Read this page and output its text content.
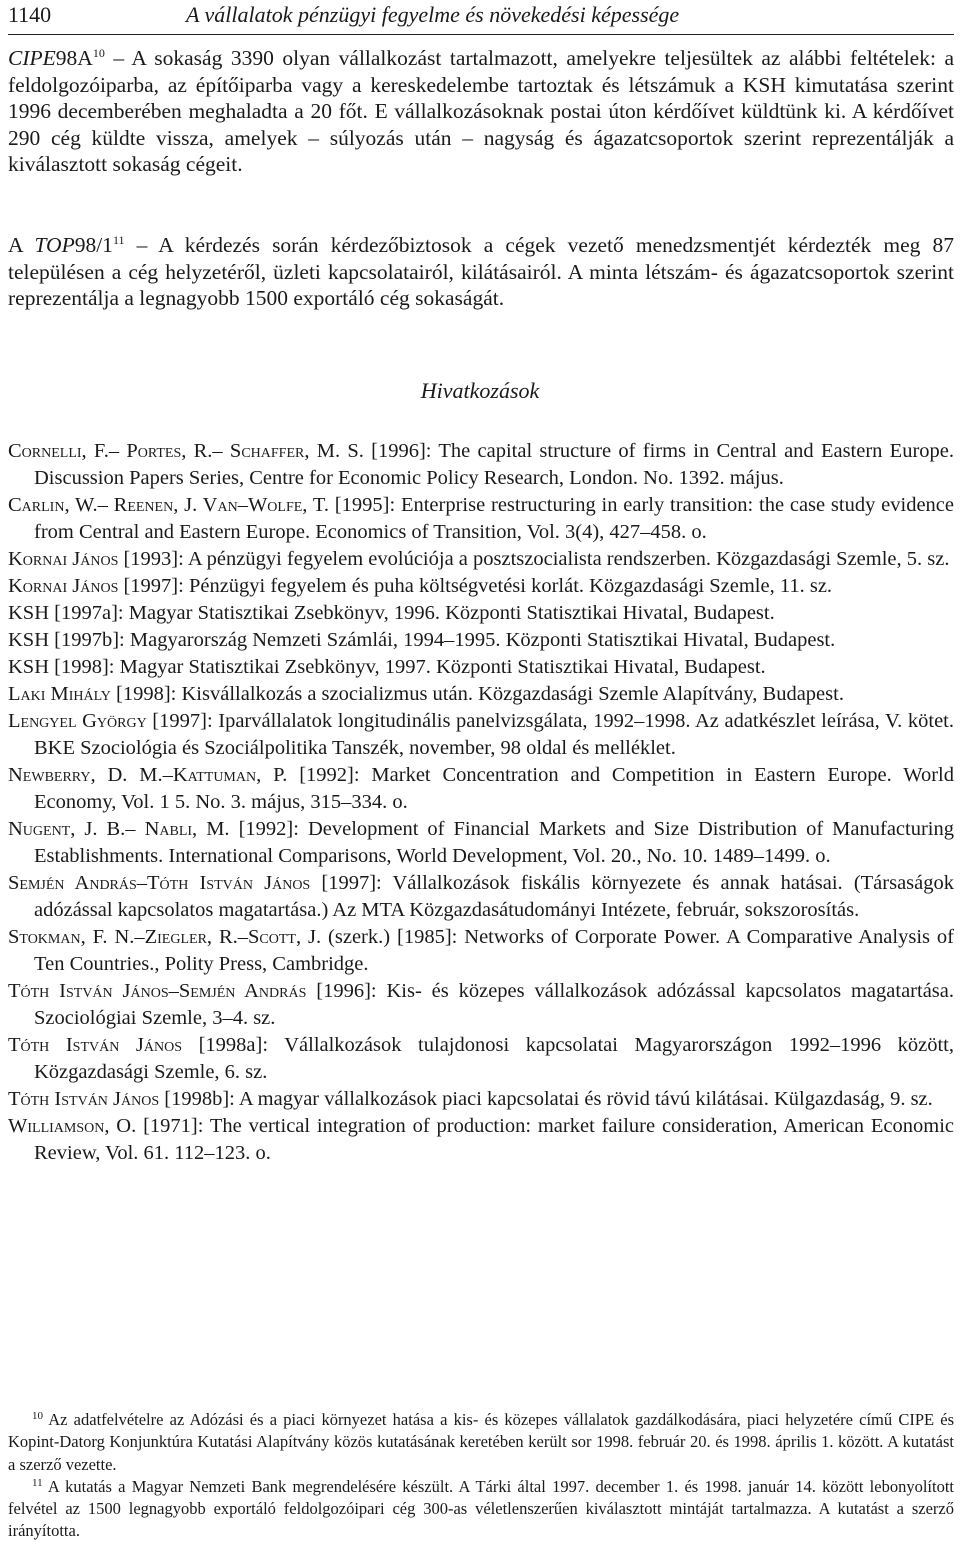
1140	A vállalatok pénzügyi fegyelme és növekedési képessége
$CIPE98A^{10}$ – A sokaság 3390 olyan vállalkozást tartalmazott, amelyekre teljesültek az alábbi feltételek: a feldolgozóiparba, az építőiparba vagy a kereskedelembe tartoztak és létszámuk a KSH kimutatása szerint 1996 decemberében meghaladta a 20 főt. E vállalkozásoknak postai úton kérdőívet küldtünk ki. A kérdőívet 290 cég küldte vissza, amelyek – súlyozás után – nagyság és ágazatcsoportok szerint reprezentálják a kiválasztott sokaság cégeit.
A $TOP98/1^{11}$ – A kérdezés során kérdezőbiztosok a cégek vezető menedzsmentjét kérdezték meg 87 településen a cég helyzetéről, üzleti kapcsolatairól, kilátásairól. A minta létszám- és ágazatcsoportok szerint reprezentálja a legnagyobb 1500 exportáló cég sokaságát.
Hivatkozások
Cornelli, F.– Portes, R.– Schaffer, M. S. [1996]: The capital structure of firms in Central and Eastern Europe. Discussion Papers Series, Centre for Economic Policy Research, London. No. 1392. május.
Carlin, W.– Reenen, J. Van–Wolfe, T. [1995]: Enterprise restructuring in early transition: the case study evidence from Central and Eastern Europe. Economics of Transition, Vol. 3(4), 427–458. o.
Kornai János [1993]: A pénzügyi fegyelem evolúciója a posztszocialista rendszerben. Közgazdasági Szemle, 5. sz.
Kornai János [1997]: Pénzügyi fegyelem és puha költségvetési korlát. Közgazdasági Szemle, 11. sz.
KSH [1997a]: Magyar Statisztikai Zsebkönyv, 1996. Központi Statisztikai Hivatal, Budapest.
KSH [1997b]: Magyarország Nemzeti Számlái, 1994–1995. Központi Statisztikai Hivatal, Budapest.
KSH [1998]: Magyar Statisztikai Zsebkönyv, 1997. Központi Statisztikai Hivatal, Budapest.
Laki Mihály [1998]: Kisvállalkozás a szocializmus után. Közgazdasági Szemle Alapítvány, Budapest.
Lengyel György [1997]: Iparvállalatok longitudinális panelvizsgálata, 1992–1998. Az adatkészlet leírása, V. kötet. BKE Szociológia és Szociálpolitika Tanszék, november, 98 oldal és melléklet.
Newberry, D. M.–Kattuman, P. [1992]: Market Concentration and Competition in Eastern Europe. World Economy, Vol. 1 5. No. 3. május, 315–334. o.
Nugent, J. B.– Nabli, M. [1992]: Development of Financial Markets and Size Distribution of Manufacturing Establishments. International Comparisons, World Development, Vol. 20., No. 10. 1489–1499. o.
Semjén András–Tóth István János [1997]: Vállalkozások fiskális környezete és annak hatásai. (Társaságok adózással kapcsolatos magatartása.) Az MTA Közgazdasátudományi Intézete, február, sokszorosítás.
Stokman, F. N.–Ziegler, R.–Scott, J. (szerk.) [1985]: Networks of Corporate Power. A Comparative Analysis of Ten Countries., Polity Press, Cambridge.
Tóth István János–Semjén András [1996]: Kis- és közepes vállalkozások adózással kapcsolatos magatartása. Szociológiai Szemle, 3–4. sz.
Tóth István János [1998a]: Vállalkozások tulajdonosi kapcsolatai Magyarországon 1992–1996 között, Közgazdasági Szemle, 6. sz.
Tóth István János [1998b]: A magyar vállalkozások piaci kapcsolatai és rövid távú kilátásai. Külgazdaság, 9. sz.
Williamson, O. [1971]: The vertical integration of production: market failure consideration, American Economic Review, Vol. 61. 112–123. o.
$^{10}$ Az adatfelvételre az Adózási és a piaci környezet hatása a kis- és közepes vállalatok gazdálkodására, piaci helyzetére című CIPE és Kopint-Datorg Konjunktúra Kutatási Alapítvány közös kutatásának keretében került sor 1998. február 20. és 1998. április 1. között. A kutatást a szerző vezette.
$^{11}$ A kutatás a Magyar Nemzeti Bank megrendelésére készült. A Tárki által 1997. december 1. és 1998. január 14. között lebonyolított felvétel az 1500 legnagyobb exportáló feldolgozóipari cég 300-as véletlenszerűen kiválasztott mintáját tartalmazza. A kutatást a szerző irányította.
